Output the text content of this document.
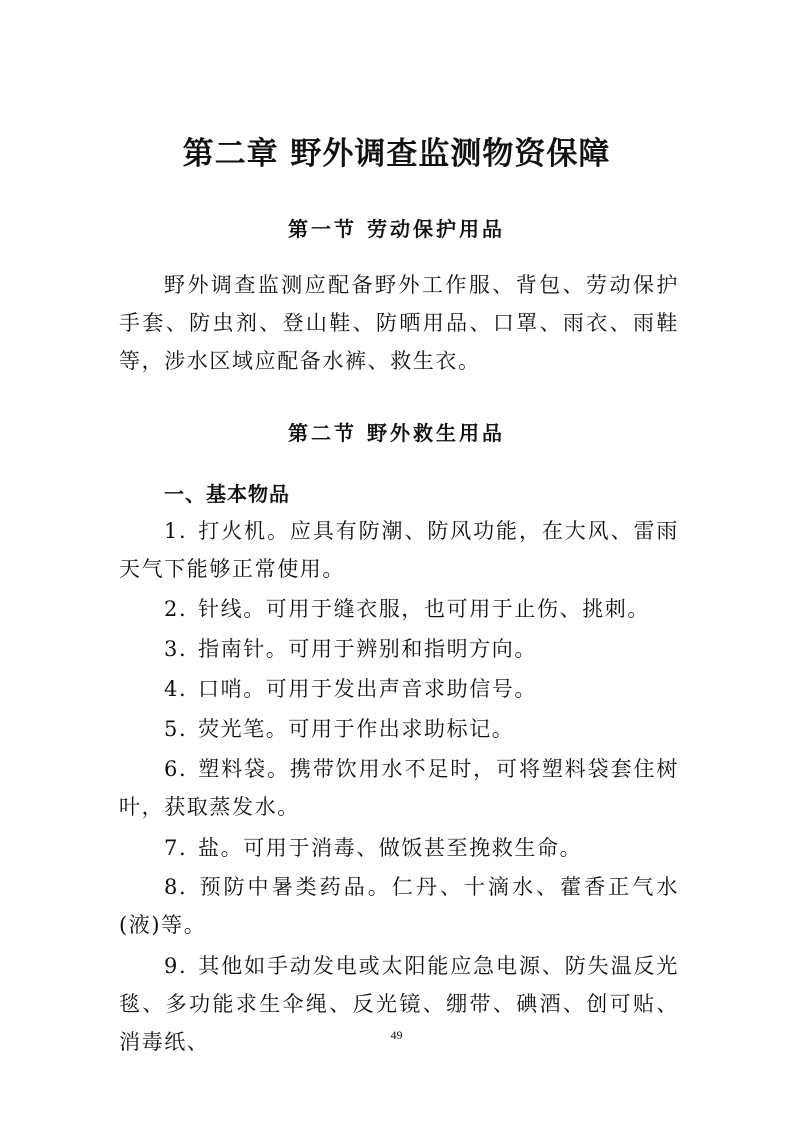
第二章 野外调查监测物资保障
第一节 劳动保护用品

野外调查监测应配备野外工作服、背包、劳动保护手套、防虫剂、登山鞋、防晒用品、口罩、雨衣、雨鞋等，涉水区域应配备水裤、救生衣。

第二节 野外救生用品
一、基本物品

1. 打火机。应具有防潮、防风功能，在大风、雷雨天气下能够正常使用。

2. 针线。可用于缝衣服，也可用于止伤、挑刺。

3. 指南针。可用于辨别和指明方向。

4. 口哨。可用于发出声音求助信号。

5. 荧光笔。可用于作出求助标记。

6. 塑料袋。携带饮用水不足时，可将塑料袋套住树叶，获取蒸发水。

7. 盐。可用于消毒、做饭甚至挽救生命。

8. 预防中暑类药品。仁丹、十滴水、藿香正气水(液)等。

9. 其他如手动发电或太阳能应急电源、防失温反光毯、多功能求生伞绳、反光镜、绷带、碘酒、创可贴、消毒纸、	49
